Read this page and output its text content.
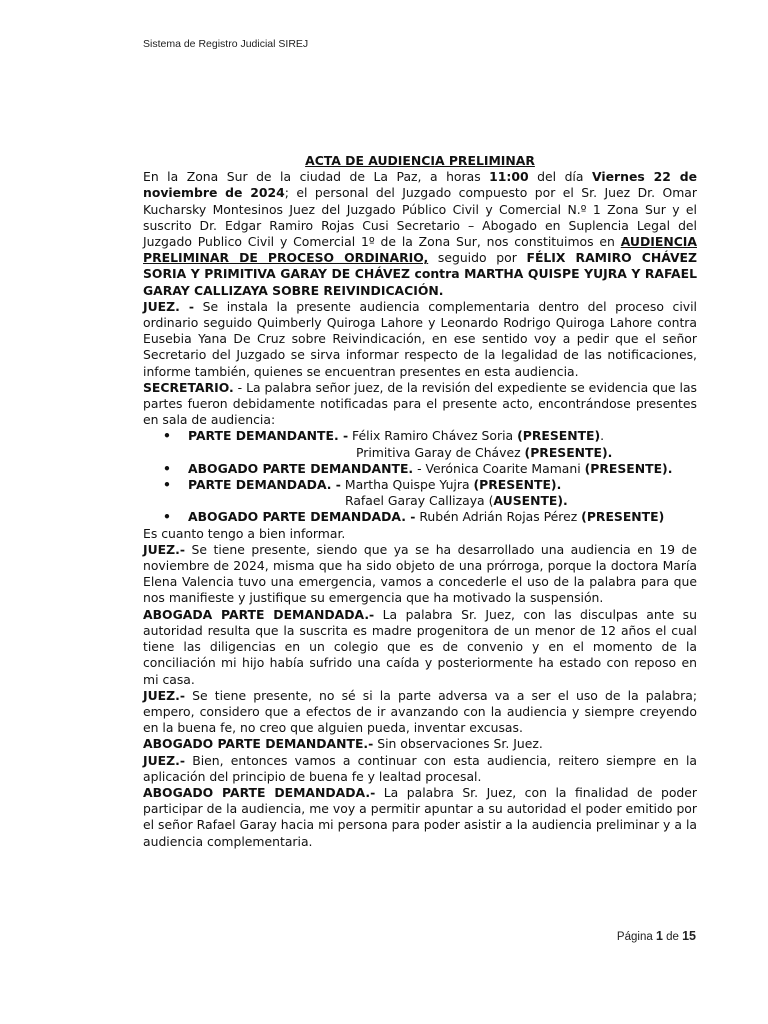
Sistema de Registro Judicial SIREJ

ACTA DE AUDIENCIA PRELIMINAR

En la Zona Sur de la ciudad de La Paz, a horas 11:00 del día Viernes 22 de noviembre de 2024; el personal del Juzgado compuesto por el Sr. Juez Dr. Omar Kucharsky Montesinos Juez del Juzgado Público Civil y Comercial N.º 1 Zona Sur y el suscrito Dr. Edgar Ramiro Rojas Cusi Secretario – Abogado en Suplencia Legal del Juzgado Publico Civil y Comercial 1º de la Zona Sur, nos constituimos en AUDIENCIA PRELIMINAR DE PROCESO ORDINARIO, seguido por FÉLIX RAMIRO CHÁVEZ SORIA Y PRIMITIVA GARAY DE CHÁVEZ contra MARTHA QUISPE YUJRA Y RAFAEL GARAY CALLIZAYA SOBRE REIVINDICACIÓN.

JUEZ. - Se instala la presente audiencia complementaria dentro del proceso civil ordinario seguido Quimberly Quiroga Lahore y Leonardo Rodrigo Quiroga Lahore contra Eusebia Yana De Cruz sobre Reivindicación, en ese sentido voy a pedir que el señor Secretario del Juzgado se sirva informar respecto de la legalidad de las notificaciones, informe también, quienes se encuentran presentes en esta audiencia.

SECRETARIO. - La palabra señor juez, de la revisión del expediente se evidencia que las partes fueron debidamente notificadas para el presente acto, encontrándose presentes en sala de audiencia:

• PARTE DEMANDANTE. - Félix Ramiro Chávez Soria (PRESENTE).

Primitiva Garay de Chávez (PRESENTE).

• ABOGADO PARTE DEMANDANTE. - Verónica Coarite Mamani (PRESENTE).

• PARTE DEMANDADA. - Martha Quispe Yujra (PRESENTE).

Rafael Garay Callizaya (AUSENTE).

• ABOGADO PARTE DEMANDADA. - Rubén Adrián Rojas Pérez (PRESENTE)

Es cuanto tengo a bien informar.

JUEZ.- Se tiene presente, siendo que ya se ha desarrollado una audiencia en 19 de noviembre de 2024, misma que ha sido objeto de una prórroga, porque la doctora María Elena Valencia tuvo una emergencia, vamos a concederle el uso de la palabra para que nos manifieste y justifique su emergencia que ha motivado la suspensión.

ABOGADA PARTE DEMANDADA.- La palabra Sr. Juez, con las disculpas ante su autoridad resulta que la suscrita es madre progenitora de un menor de 12 años el cual tiene las diligencias en un colegio que es de convenio y en el momento de la conciliación mi hijo había sufrido una caída y posteriormente ha estado con reposo en mi casa.

JUEZ.- Se tiene presente, no sé si la parte adversa va a ser el uso de la palabra; empero, considero que a efectos de ir avanzando con la audiencia y siempre creyendo en la buena fe, no creo que alguien pueda, inventar excusas.

ABOGADO PARTE DEMANDANTE.- Sin observaciones Sr. Juez.

JUEZ.- Bien, entonces vamos a continuar con esta audiencia, reitero siempre en la aplicación del principio de buena fe y lealtad procesal.

ABOGADO PARTE DEMANDADA.- La palabra Sr. Juez, con la finalidad de poder participar de la audiencia, me voy a permitir apuntar a su autoridad el poder emitido por el señor Rafael Garay hacia mi persona para poder asistir a la audiencia preliminar y a la audiencia complementaria.

Página 1 de 15
